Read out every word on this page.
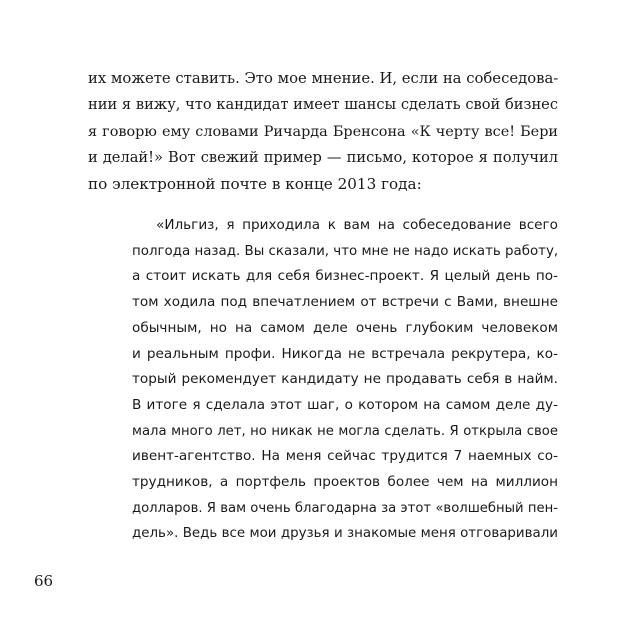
их можете ставить. Это мое мнение. И, если на собеседова-
нии я вижу, что кандидат имеет шансы сделать свой бизнес
я говорю ему словами Ричарда Бренсона «К черту все! Бери
и делай!» Вот свежий пример — письмо, которое я получил
по электронной почте в конце 2013 года:
«Ильгиз, я приходила к вам на собеседование всего
полгода назад. Вы сказали, что мне не надо искать работу,
а стоит искать для себя бизнес-проект. Я целый день по-
том ходила под впечатлением от встречи с Вами, внешне
обычным, но на самом деле очень глубоким человеком
и реальным профи. Никогда не встречала рекрутера, ко-
торый рекомендует кандидату не продавать себя в найм.
В итоге я сделала этот шаг, о котором на самом деле ду-
мала много лет, но никак не могла сделать. Я открыла свое
ивент-агентство. На меня сейчас трудится 7 наемных со-
трудников, а портфель проектов более чем на миллион
долларов. Я вам очень благодарна за этот «волшебный пен-
дель». Ведь все мои друзья и знакомые меня отговаривали
66
